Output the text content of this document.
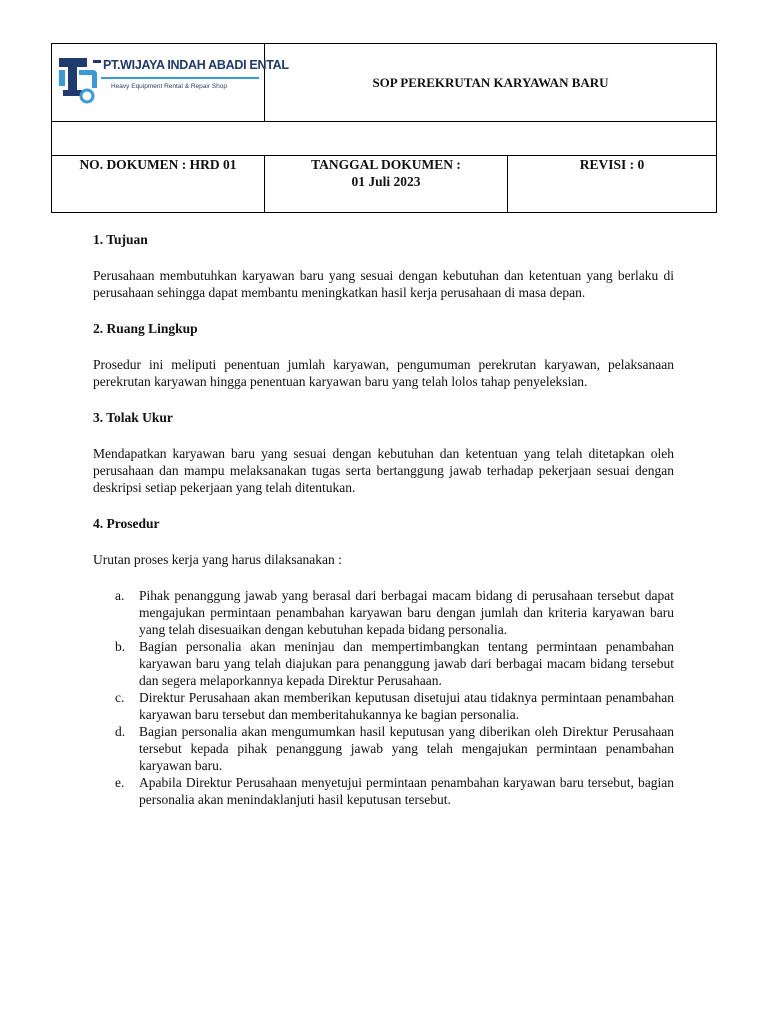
PT.WIJAYA INDAH ABADI ENTAL
Heavy Equipment Rental & Repair Shop	SOP PEREKRUTAN KARYAWAN BARU
NO. DOKUMEN : HRD 01	TANGGAL DOKUMEN :
01 Juli 2023
REVISI : 0

1. Tujuan

Perusahaan membutuhkan karyawan baru yang sesuai dengan kebutuhan dan ketentuan yang berlaku di perusahaan sehingga dapat membantu meningkatkan hasil kerja perusahaan di masa depan.

2. Ruang Lingkup

Prosedur ini meliputi penentuan jumlah karyawan, pengumuman perekrutan karyawan, pelaksanaan perekrutan karyawan hingga penentuan karyawan baru yang telah lolos tahap penyeleksian.

3. Tolak Ukur

Mendapatkan karyawan baru yang sesuai dengan kebutuhan dan ketentuan yang telah ditetapkan oleh perusahaan dan mampu melaksanakan tugas serta bertanggung jawab terhadap pekerjaan sesuai dengan deskripsi setiap pekerjaan yang telah ditentukan.

4. Prosedur

Urutan proses kerja yang harus dilaksanakan :

a. Pihak penanggung jawab yang berasal dari berbagai macam bidang di perusahaan tersebut dapat mengajukan permintaan penambahan karyawan baru dengan jumlah dan kriteria karyawan baru yang telah disesuaikan dengan kebutuhan kepada bidang personalia.
b. Bagian personalia akan meninjau dan mempertimbangkan tentang permintaan penambahan karyawan baru yang telah diajukan para penanggung jawab dari berbagai macam bidang tersebut dan segera melaporkannya kepada Direktur Perusahaan.
c. Direktur Perusahaan akan memberikan keputusan disetujui atau tidaknya permintaan penambahan karyawan baru tersebut dan memberitahukannya ke bagian personalia.
d. Bagian personalia akan mengumumkan hasil keputusan yang diberikan oleh Direktur Perusahaan tersebut kepada pihak penanggung jawab yang telah mengajukan permintaan penambahan karyawan baru.
e. Apabila Direktur Perusahaan menyetujui permintaan penambahan karyawan baru tersebut, bagian personalia akan menindaklanjuti hasil keputusan tersebut.
